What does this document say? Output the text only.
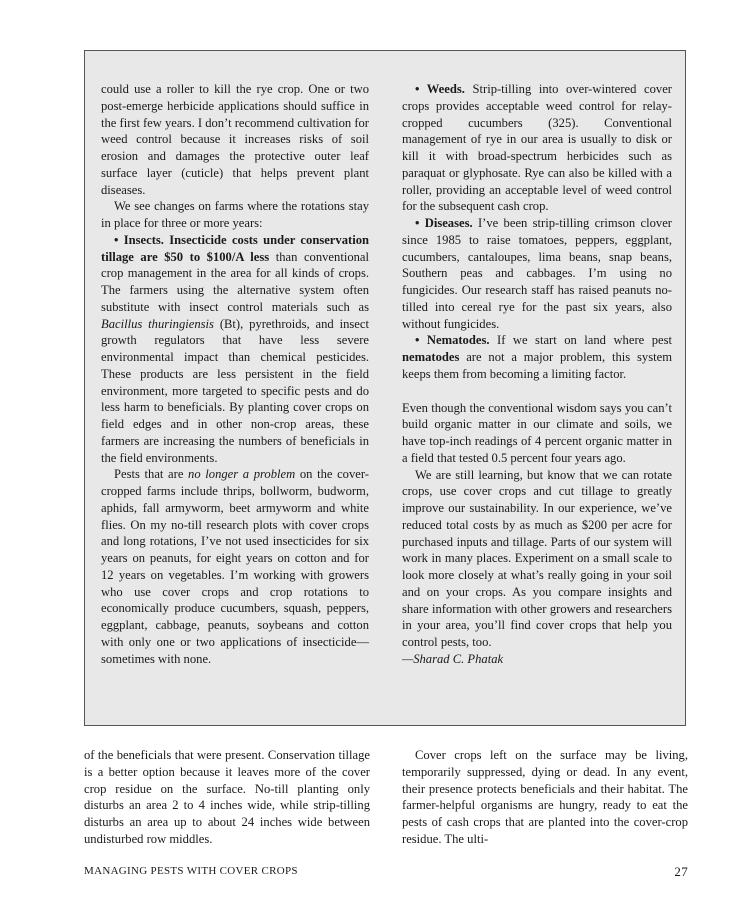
could use a roller to kill the rye crop. One or two post-emerge herbicide applications should suffice in the first few years. I don’t recommend cultivation for weed control because it increases risks of soil erosion and damages the protective outer leaf surface layer (cuticle) that helps prevent plant diseases.

We see changes on farms where the rotations stay in place for three or more years:

• Insects. Insecticide costs under conservation tillage are $50 to $100/A less than conventional crop management in the area for all kinds of crops. The farmers using the alternative system often substitute with insect control materials such as Bacillus thuringiensis (Bt), pyrethroids, and insect growth regulators that have less severe environmental impact than chemical pesticides. These products are less persistent in the field environment, more targeted to specific pests and do less harm to beneficials. By planting cover crops on field edges and in other non-crop areas, these farmers are increasing the numbers of beneficials in the field environments.

Pests that are no longer a problem on the cover-cropped farms include thrips, bollworm, budworm, aphids, fall armyworm, beet armyworm and white flies. On my no-till research plots with cover crops and long rotations, I’ve not used insecticides for six years on peanuts, for eight years on cotton and for 12 years on vegetables. I’m working with growers who use cover crops and crop rotations to economically produce cucumbers, squash, peppers, eggplant, cabbage, peanuts, soybeans and cotton with only one or two applications of insecticide—sometimes with none.

• Weeds. Strip-tilling into over-wintered cover crops provides acceptable weed control for relay-cropped cucumbers (325). Conventional management of rye in our area is usually to disk or kill it with broad-spectrum herbicides such as paraquat or glyphosate. Rye can also be killed with a roller, providing an acceptable level of weed control for the subsequent cash crop.

• Diseases. I’ve been strip-tilling crimson clover since 1985 to raise tomatoes, peppers, eggplant, cucumbers, cantaloupes, lima beans, snap beans, Southern peas and cabbages. I’m using no fungicides. Our research staff has raised peanuts no-tilled into cereal rye for the past six years, also without fungicides.

• Nematodes. If we start on land where pest nematodes are not a major problem, this system keeps them from becoming a limiting factor.

Even though the conventional wisdom says you can’t build organic matter in our climate and soils, we have top-inch readings of 4 percent organic matter in a field that tested 0.5 percent four years ago.

We are still learning, but know that we can rotate crops, use cover crops and cut tillage to greatly improve our sustainability. In our experience, we’ve reduced total costs by as much as $200 per acre for purchased inputs and tillage. Parts of our system will work in many places. Experiment on a small scale to look more closely at what’s really going in your soil and on your crops. As you compare insights and share information with other growers and researchers in your area, you’ll find cover crops that help you control pests, too.

—Sharad C. Phatak

of the beneficials that were present. Conservation tillage is a better option because it leaves more of the cover crop residue on the surface. No-till planting only disturbs an area 2 to 4 inches wide, while strip-tilling disturbs an area up to about 24 inches wide between undisturbed row middles.

Cover crops left on the surface may be living, temporarily suppressed, dying or dead. In any event, their presence protects beneficials and their habitat. The farmer-helpful organisms are hungry, ready to eat the pests of cash crops that are planted into the cover-crop residue. The ulti-

MANAGING PESTS WITH COVER CROPS	27
